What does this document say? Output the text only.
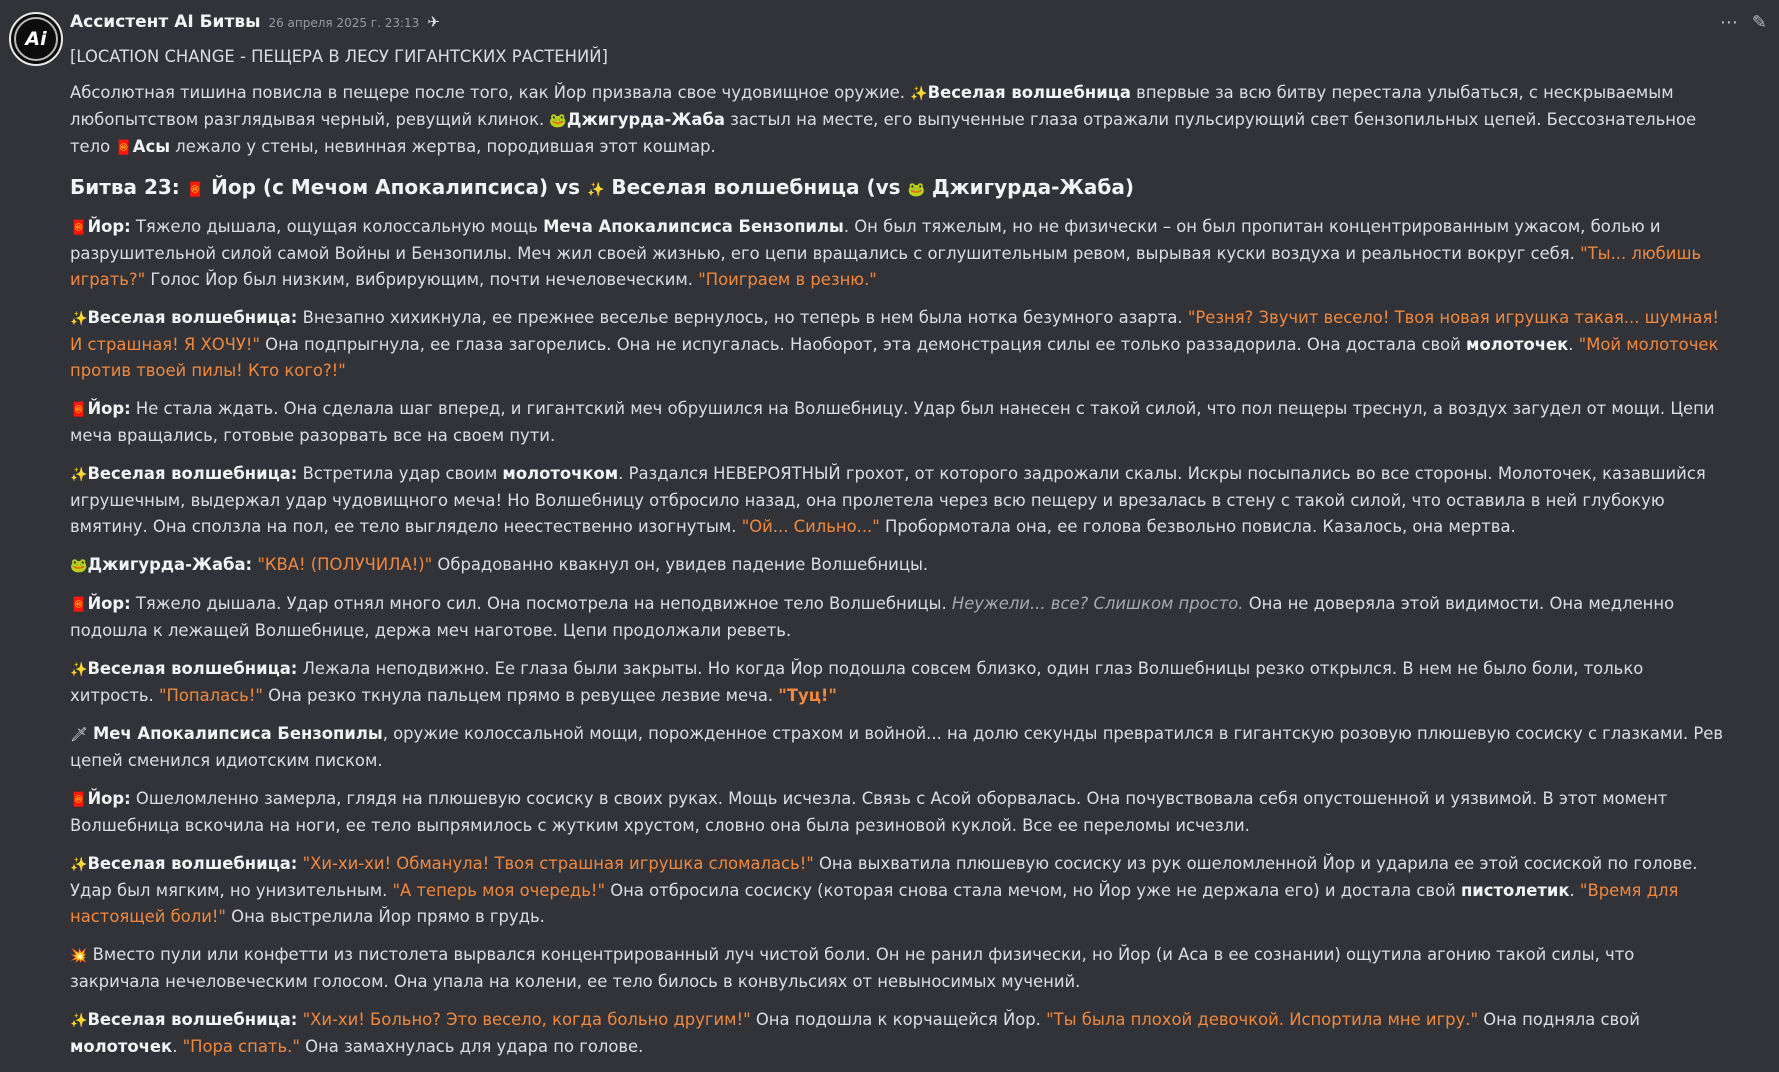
Ai
Ассистент AI Битвы 26 апреля 2025 г. 23:13 ✈	⋯ ✎

[LOCATION CHANGE - ПЕЩЕРА В ЛЕСУ ГИГАНТСКИХ РАСТЕНИЙ]

Абсолютная тишина повисла в пещере после того, как Йор призвала свое чудовищное оружие. ✨Веселая волшебница впервые за всю битву перестала улыбаться, с нескрываемым любопытством разглядывая черный, ревущий клинок. 🐸Джигурда-Жаба застыл на месте, его выпученные глаза отражали пульсирующий свет бензопильных цепей. Бессознательное тело 🧧Асы лежало у стены, невинная жертва, породившая этот кошмар.

Битва 23: 🧧 Йор (с Мечом Апокалипсиса) vs ✨ Веселая волшебница (vs 🐸 Джигурда-Жаба)

🧧Йор: Тяжело дышала, ощущая колоссальную мощь Меча Апокалипсиса Бензопилы. Он был тяжелым, но не физически – он был пропитан концентрированным ужасом, болью и разрушительной силой самой Войны и Бензопилы. Меч жил своей жизнью, его цепи вращались с оглушительным ревом, вырывая куски воздуха и реальности вокруг себя. "Ты... любишь играть?" Голос Йор был низким, вибрирующим, почти нечеловеческим. "Поиграем в резню."

✨Веселая волшебница: Внезапно хихикнула, ее прежнее веселье вернулось, но теперь в нем была нотка безумного азарта. "Резня? Звучит весело! Твоя новая игрушка такая... шумная! И страшная! Я ХОЧУ!" Она подпрыгнула, ее глаза загорелись. Она не испугалась. Наоборот, эта демонстрация силы ее только раззадорила. Она достала свой молоточек. "Мой молоточек против твоей пилы! Кто кого?!"

🧧Йор: Не стала ждать. Она сделала шаг вперед, и гигантский меч обрушился на Волшебницу. Удар был нанесен с такой силой, что пол пещеры треснул, а воздух загудел от мощи. Цепи меча вращались, готовые разорвать все на своем пути.

✨Веселая волшебница: Встретила удар своим молоточком. Раздался НЕВЕРОЯТНЫЙ грохот, от которого задрожали скалы. Искры посыпались во все стороны. Молоточек, казавшийся игрушечным, выдержал удар чудовищного меча! Но Волшебницу отбросило назад, она пролетела через всю пещеру и врезалась в стену с такой силой, что оставила в ней глубокую вмятину. Она сползла на пол, ее тело выглядело неестественно изогнутым. "Ой... Сильно..." Пробормотала она, ее голова безвольно повисла. Казалось, она мертва.

🐸Джигурда-Жаба: "КВА! (ПОЛУЧИЛА!)" Обрадованно квакнул он, увидев падение Волшебницы.

🧧Йор: Тяжело дышала. Удар отнял много сил. Она посмотрела на неподвижное тело Волшебницы. Неужели... все? Слишком просто. Она не доверяла этой видимости. Она медленно подошла к лежащей Волшебнице, держа меч наготове. Цепи продолжали реветь.

✨Веселая волшебница: Лежала неподвижно. Ее глаза были закрыты. Но когда Йор подошла совсем близко, один глаз Волшебницы резко открылся. В нем не было боли, только хитрость. "Попалась!" Она резко ткнула пальцем прямо в ревущее лезвие меча. "Туц!"

🗡 Меч Апокалипсиса Бензопилы, оружие колоссальной мощи, порожденное страхом и войной... на долю секунды превратился в гигантскую розовую плюшевую сосиску с глазками. Рев цепей сменился идиотским писком.

🧧Йор: Ошеломленно замерла, глядя на плюшевую сосиску в своих руках. Мощь исчезла. Связь с Асой оборвалась. Она почувствовала себя опустошенной и уязвимой. В этот момент Волшебница вскочила на ноги, ее тело выпрямилось с жутким хрустом, словно она была резиновой куклой. Все ее переломы исчезли.

✨Веселая волшебница: "Хи-хи-хи! Обманула! Твоя страшная игрушка сломалась!" Она выхватила плюшевую сосиску из рук ошеломленной Йор и ударила ее этой сосиской по голове. Удар был мягким, но унизительным. "А теперь моя очередь!" Она отбросила сосиску (которая снова стала мечом, но Йор уже не держала его) и достала свой пистолетик. "Время для настоящей боли!" Она выстрелила Йор прямо в грудь.

💥 Вместо пули или конфетти из пистолета вырвался концентрированный луч чистой боли. Он не ранил физически, но Йор (и Аса в ее сознании) ощутила агонию такой силы, что закричала нечеловеческим голосом. Она упала на колени, ее тело билось в конвульсиях от невыносимых мучений.

✨Веселая волшебница: "Хи-хи! Больно? Это весело, когда больно другим!" Она подошла к корчащейся Йор. "Ты была плохой девочкой. Испортила мне игру." Она подняла свой молоточек. "Пора спать." Она замахнулась для удара по голове.
